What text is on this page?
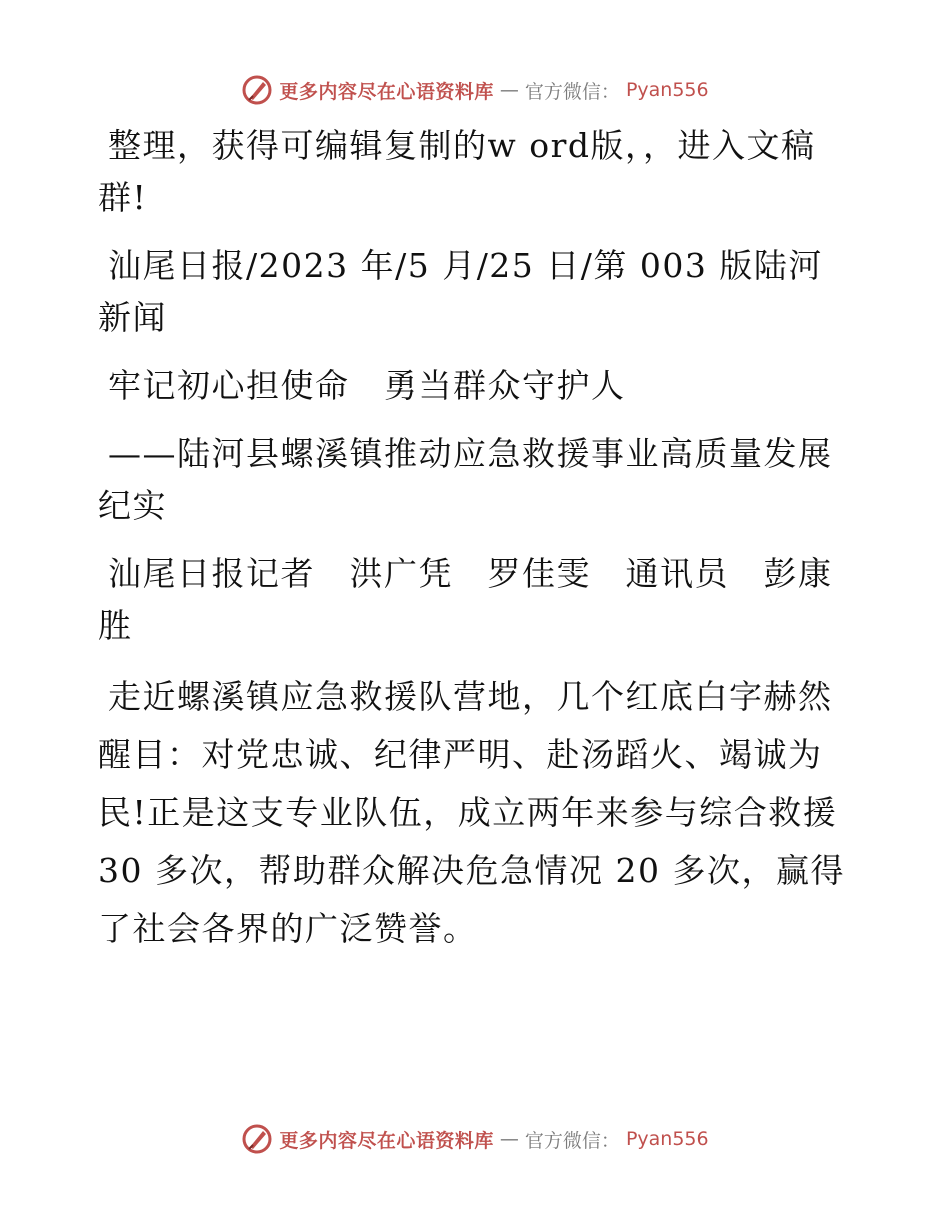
更多内容尽在心语资料库 — 官方微信： Pyan556

整理，获得可编辑复制的w ord版，，进入文稿群!

汕尾日报/2023 年/5 月/25 日/第 003 版陆河新闻

牢记初心担使命　勇当群众守护人

——陆河县螺溪镇推动应急救援事业高质量发展纪实

汕尾日报记者　洪广凭　罗佳雯　通讯员　彭康胜

走近螺溪镇应急救援队营地，几个红底白字赫然醒目：对党忠诚、纪律严明、赴汤蹈火、竭诚为民!正是这支专业队伍，成立两年来参与综合救援30 多次，帮助群众解决危急情况 20 多次，赢得了社会各界的广泛赞誉。

更多内容尽在心语资料库 — 官方微信： Pyan556
